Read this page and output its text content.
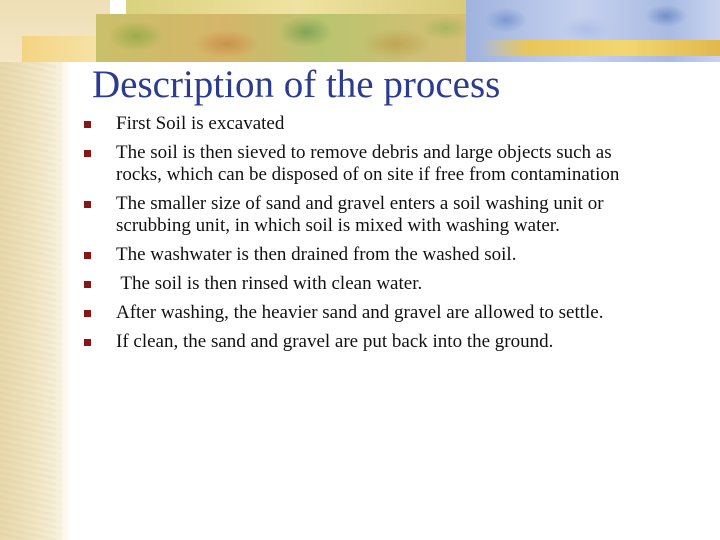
Description of the process
First Soil is excavated
The soil is then sieved to remove debris and large objects such as rocks, which can be disposed of on site if free from contamination
The smaller size of sand and gravel enters a soil washing unit or scrubbing unit, in which soil is mixed with washing water.
The washwater is then drained from the washed soil.
The soil is then rinsed with clean water.
After washing, the heavier sand and gravel are allowed to settle.
If clean, the sand and gravel are put back into the ground.
